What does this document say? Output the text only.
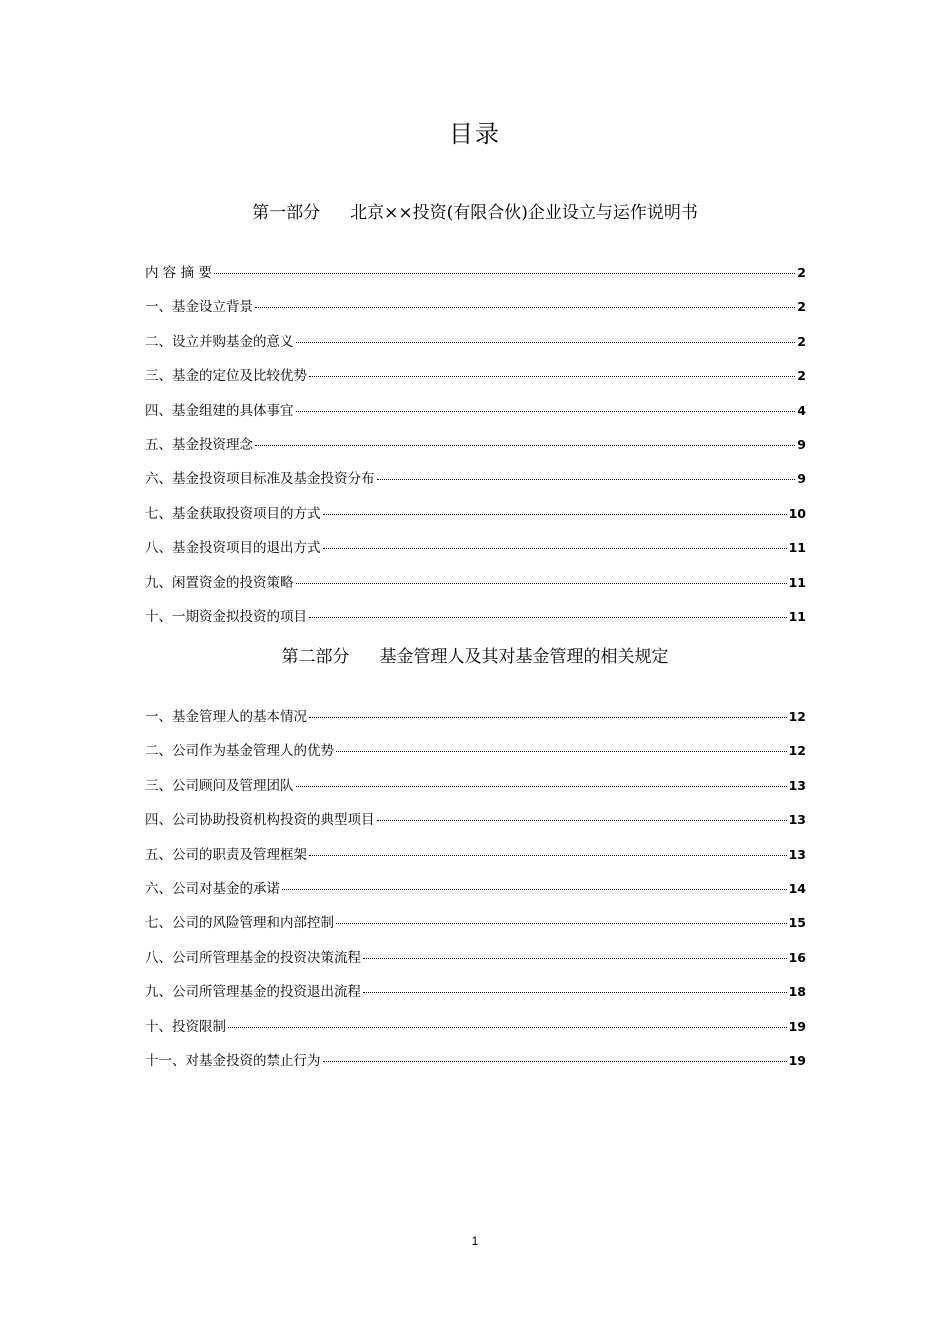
目录
第一部分 北京××投资(有限合伙)企业设立与运作说明书
内 容 摘 要	2
一、基金设立背景	2
二、设立并购基金的意义	2
三、基金的定位及比较优势	2
四、基金组建的具体事宜	4
五、基金投资理念	9
六、基金投资项目标准及基金投资分布	9
七、基金获取投资项目的方式	10
八、基金投资项目的退出方式	11
九、闲置资金的投资策略	11
十、一期资金拟投资的项目	11
第二部分 基金管理人及其对基金管理的相关规定
一、基金管理人的基本情况	12
二、公司作为基金管理人的优势	12
三、公司顾问及管理团队	13
四、公司协助投资机构投资的典型项目	13
五、公司的职责及管理框架	13
六、公司对基金的承诺	14
七、公司的风险管理和内部控制	15
八、公司所管理基金的投资决策流程	16
九、公司所管理基金的投资退出流程	18
十、投资限制	19
十一、对基金投资的禁止行为	19
1
